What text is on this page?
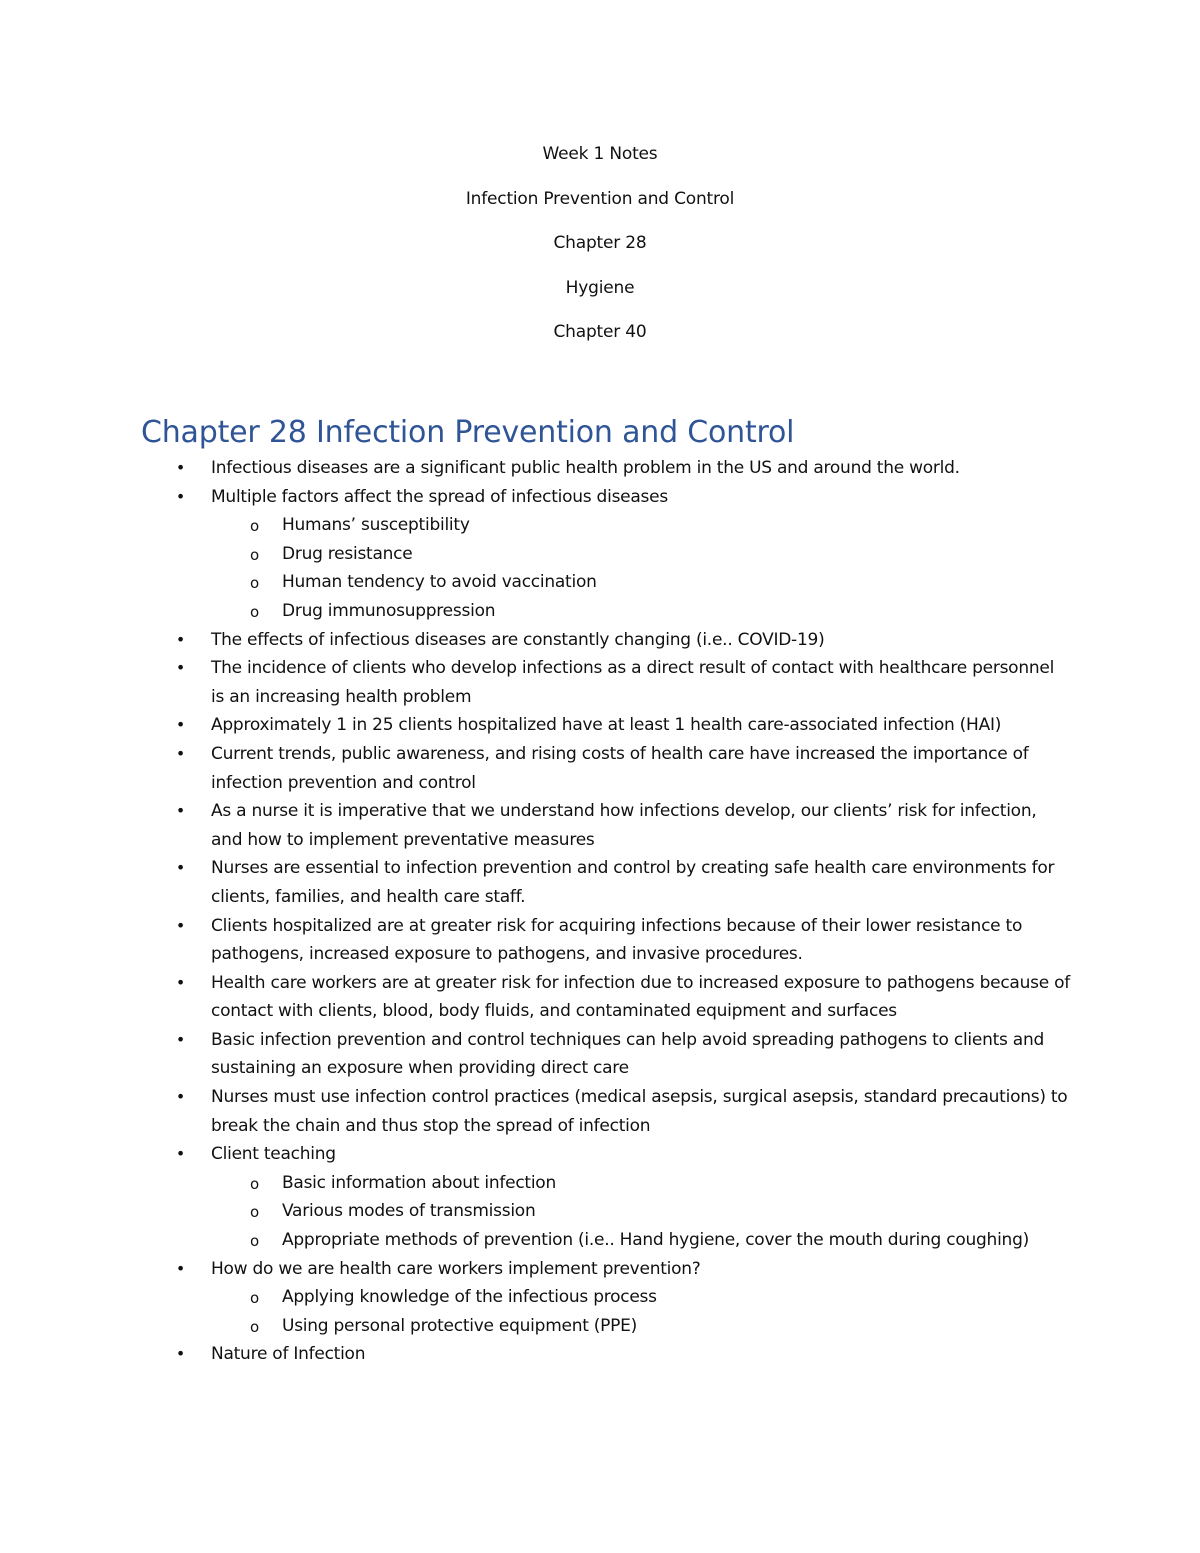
Week 1 Notes
Infection Prevention and Control
Chapter 28
Hygiene
Chapter 40
Chapter 28 Infection Prevention and Control
• Infectious diseases are a significant public health problem in the US and around the world.
• Multiple factors affect the spread of infectious diseases
o Humans’ susceptibility
o Drug resistance
o Human tendency to avoid vaccination
o Drug immunosuppression
• The effects of infectious diseases are constantly changing (i.e.. COVID-19)
• The incidence of clients who develop infections as a direct result of contact with healthcare personnel is an increasing health problem
• Approximately 1 in 25 clients hospitalized have at least 1 health care-associated infection (HAI)
• Current trends, public awareness, and rising costs of health care have increased the importance of infection prevention and control
• As a nurse it is imperative that we understand how infections develop, our clients’ risk for infection, and how to implement preventative measures
• Nurses are essential to infection prevention and control by creating safe health care environments for clients, families, and health care staff.
• Clients hospitalized are at greater risk for acquiring infections because of their lower resistance to pathogens, increased exposure to pathogens, and invasive procedures.
• Health care workers are at greater risk for infection due to increased exposure to pathogens because of contact with clients, blood, body fluids, and contaminated equipment and surfaces
• Basic infection prevention and control techniques can help avoid spreading pathogens to clients and sustaining an exposure when providing direct care
• Nurses must use infection control practices (medical asepsis, surgical asepsis, standard precautions) to break the chain and thus stop the spread of infection
• Client teaching
o Basic information about infection
o Various modes of transmission
o Appropriate methods of prevention (i.e.. Hand hygiene, cover the mouth during coughing)
• How do we are health care workers implement prevention?
o Applying knowledge of the infectious process
o Using personal protective equipment (PPE)
• Nature of Infection
